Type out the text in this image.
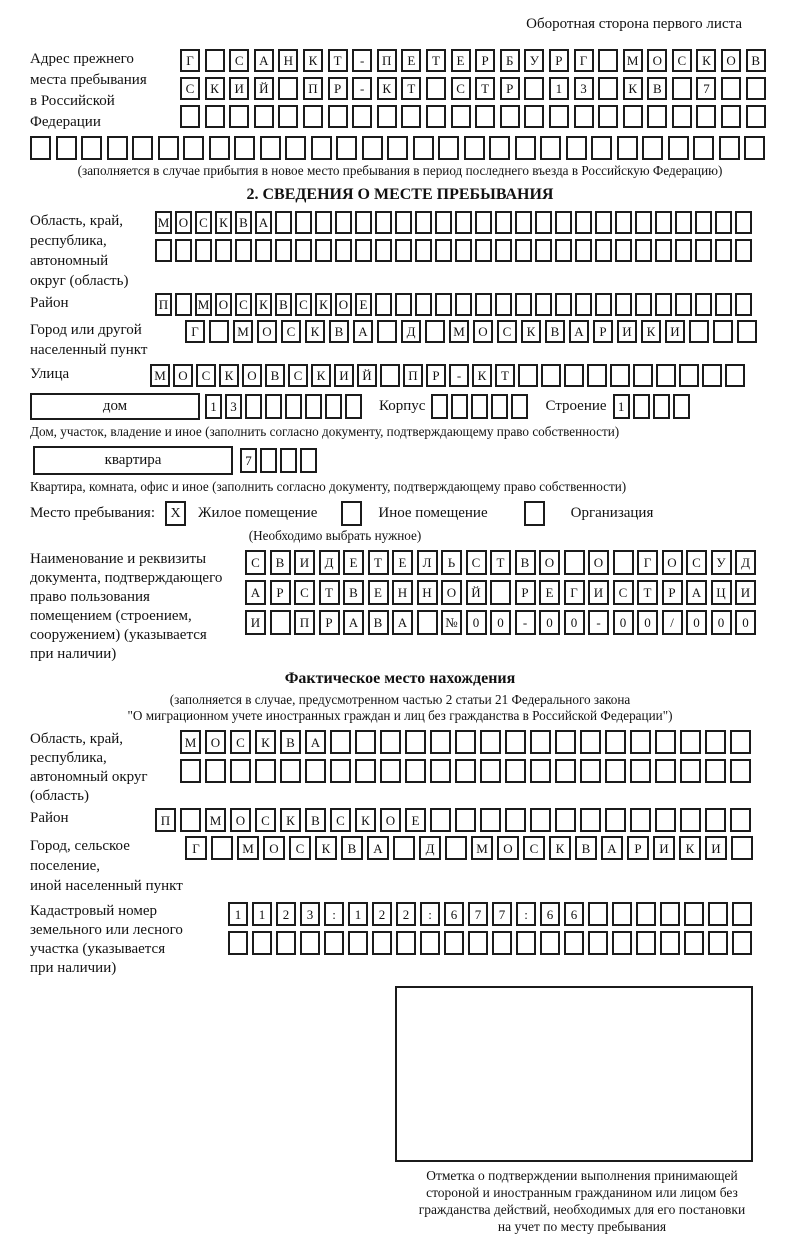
Оборотная сторона первого листа
Адрес прежнего
места пребывания
в Российской
Федерации
Г	С	А	Н	К	Т	-	П	Е	Т	Е	Р	Б	У	Р	Г	М	О	С	К	О	В
С	К	И	Й	П	Р	-	К	Т	С	Т	Р	1	3	К	В	7
(заполняется в случае прибытия в новое место пребывания в период последнего въезда в Российскую Федерацию)
2. СВЕДЕНИЯ О МЕСТЕ ПРЕБЫВАНИЯ
Область, край,
республика,
автономный
округ (область)
М О С К В А
Район	П М О С К В С К О Е
Город или другой
населенный пункт
Г	М	О	С	К	В	А	Д	М	О	С	К	В	А	Р	И	К	И
Улица	М О	С	К	О	В	С	К	И	Й	П	Р	-	К	Т
дом	1	3	Корпус	Строение 1
Дом, участок, владение и иное (заполнить согласно документу, подтверждающему право собственности)
квартира	7
Квартира, комната, офис и иное (заполнить согласно документу, подтверждающему право собственности)
Место пребывания:	X	Жилое помещение	Иное помещение	Организация
(Необходимо выбрать нужное)
Наименование и реквизиты
документа, подтверждающего
право пользования
помещением (строением,
сооружением) (указывается
при наличии)
С	В	И	Д	Е	Т	Е	Л	Ь	С	Т	В	О	О	Г	О	С	У	Д
А	Р	С	Т	В	Е	Н	Н	О	Й	Р	Е	Г	И	С	Т	Р	А	Ц	И
И	П	Р	А	В	А	№	0	0	-	0	0	-	0	0	/	0	0	0
Фактическое место нахождения
(заполняется в случае, предусмотренном частью 2 статьи 21 Федерального закона
"О миграционном учете иностранных граждан и лиц без гражданства в Российской Федерации")
Область, край,
республика,
автономный округ
(область)
М	О	С	К	В	А
Район	П	М	О	С	К	В	С	К	О	Е
Город, сельское поселение,
иной населенный пункт
Г	М	О	С	К	В	А	Д	М	О	С	К	В	А	Р	И	К	И
Кадастровый номер
земельного или лесного
участка (указывается
при наличии)
1	1	2	3	:	1	2	2	:	6	7	7	:	6	6
Отметка о подтверждении выполнения принимающей
стороной и иностранным гражданином или лицом без
гражданства действий, необходимых для его постановки
на учет по месту пребывания
